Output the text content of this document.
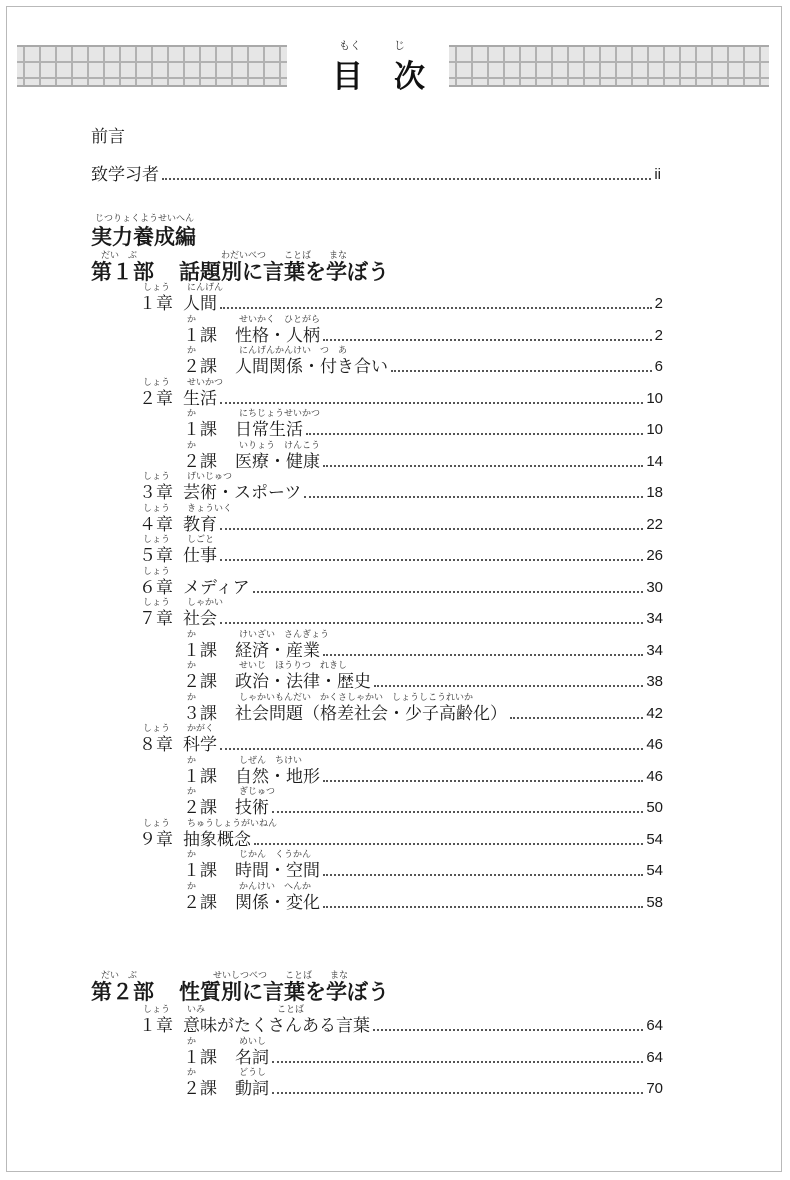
もく　　　じ
目　次
前言
致学习者	ii
じつりょくようせいへん
実力養成編
だい　ぶ
第１部
わだいべつ　　ことば　　まな
話題別に言葉を学ぼう
しょう にんげん
１章 人間	2
か	せいかく　ひとがら
１課 性格・人柄	2
か	にんげんかんけい　つ　あ
２課 人間関係・付き合い	6
しょう せいかつ
２章 生活	10
か	にちじょうせいかつ
１課 日常生活	10
か	いりょう　けんこう
２課 医療・健康	14
しょう げいじゅつ
３章 芸術・スポーツ	18
しょう きょういく
４章 教育	22
しょう しごと
５章 仕事	26
しょう
６章 メディア	30
しょう しゃかい
７章 社会	34
か	けいざい　さんぎょう
１課 経済・産業	34
か	せいじ　ほうりつ　れきし
２課 政治・法律・歴史	38
か	しゃかいもんだい　かくさしゃかい　しょうしこうれいか
３課 社会問題（格差社会・少子高齢化）	42
しょう かがく
８章 科学	46
か	しぜん　ちけい
１課 自然・地形	46
か	ぎじゅつ
２課 技術	50
しょう ちゅうしょうがいねん
９章 抽象概念	54
か	じかん　くうかん
１課 時間・空間	54
か	かんけい　へんか
２課 関係・変化	58
だい　ぶ
第２部
せいしつべつ　　ことば　　まな
性質別に言葉を学ぼう
しょう いみ　　　　　　　　ことば
１章 意味がたくさんある言葉	64
か	めいし
１課 名詞	64
か	どうし
２課 動詞	70
